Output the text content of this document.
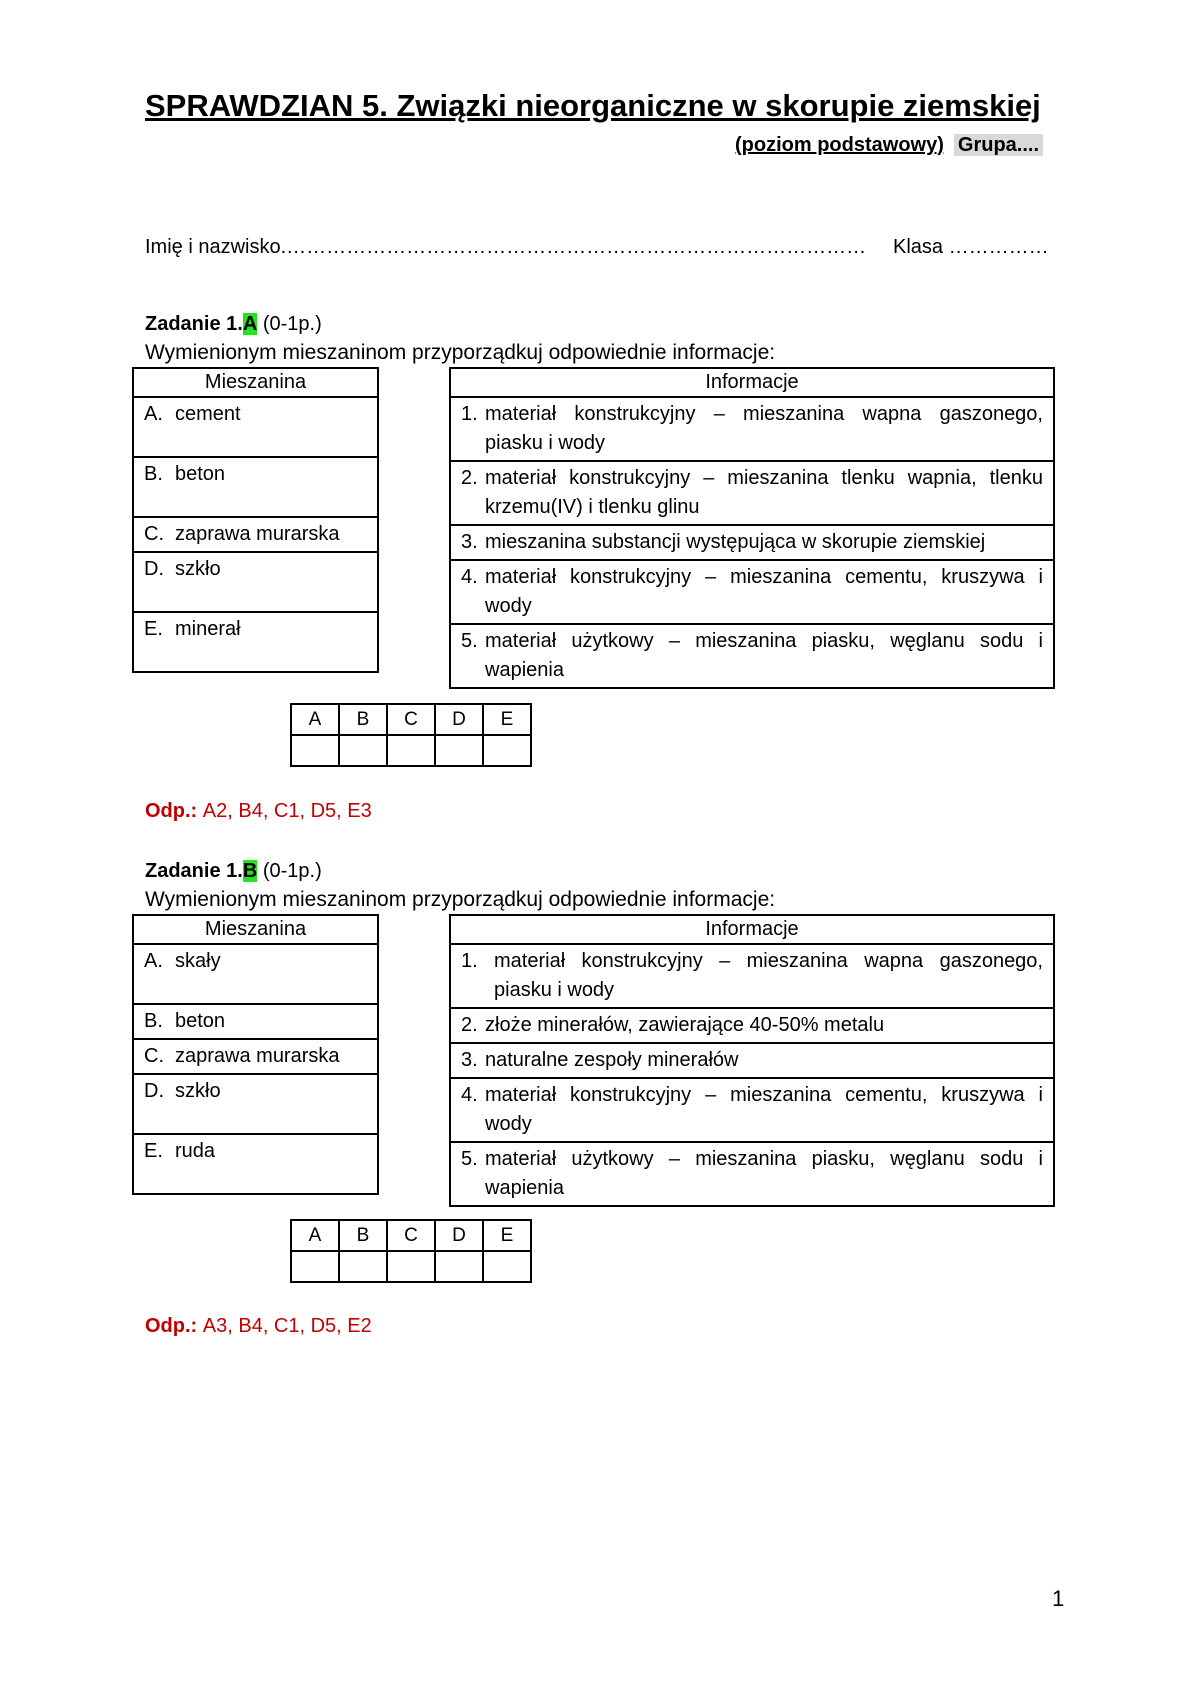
SPRAWDZIAN 5. Związki nieorganiczne w skorupie ziemskiej
(poziom podstawowy) Grupa....
Imię i nazwisko.…………………………………………………………………………… Klasa ……………
Zadanie 1.A (0-1p.)
Wymienionym mieszaninom przyporządkuj odpowiednie informacje:
Mieszanina
A. cement
B. beton
C. zaprawa murarska
D. szkło
E. minerał
Informacje

1. materiał konstrukcyjny – mieszanina wapna gaszonego, piasku i wody

2. materiał konstrukcyjny – mieszanina tlenku wapnia, tlenku krzemu(IV) i tlenku glinu

3. mieszanina substancji występująca w skorupie ziemskiej

4. materiał konstrukcyjny – mieszanina cementu, kruszywa i wody

5. materiał użytkowy – mieszanina piasku, węglanu sodu i wapienia
A	B	C	D	E

Odp.: A2, B4, C1, D5, E3
Zadanie 1.B (0-1p.)
Wymienionym mieszaninom przyporządkuj odpowiednie informacje:
Mieszanina
A. skały
B. beton
C. zaprawa murarska
D. szkło
E. ruda
Informacje

1. materiał konstrukcyjny – mieszanina wapna gaszonego, piasku i wody

2. złoże minerałów, zawierające 40-50% metalu

3. naturalne zespoły minerałów

4. materiał konstrukcyjny – mieszanina cementu, kruszywa i wody

5. materiał użytkowy – mieszanina piasku, węglanu sodu i wapienia
A	B	C	D	E

Odp.: A3, B4, C1, D5, E2
1
